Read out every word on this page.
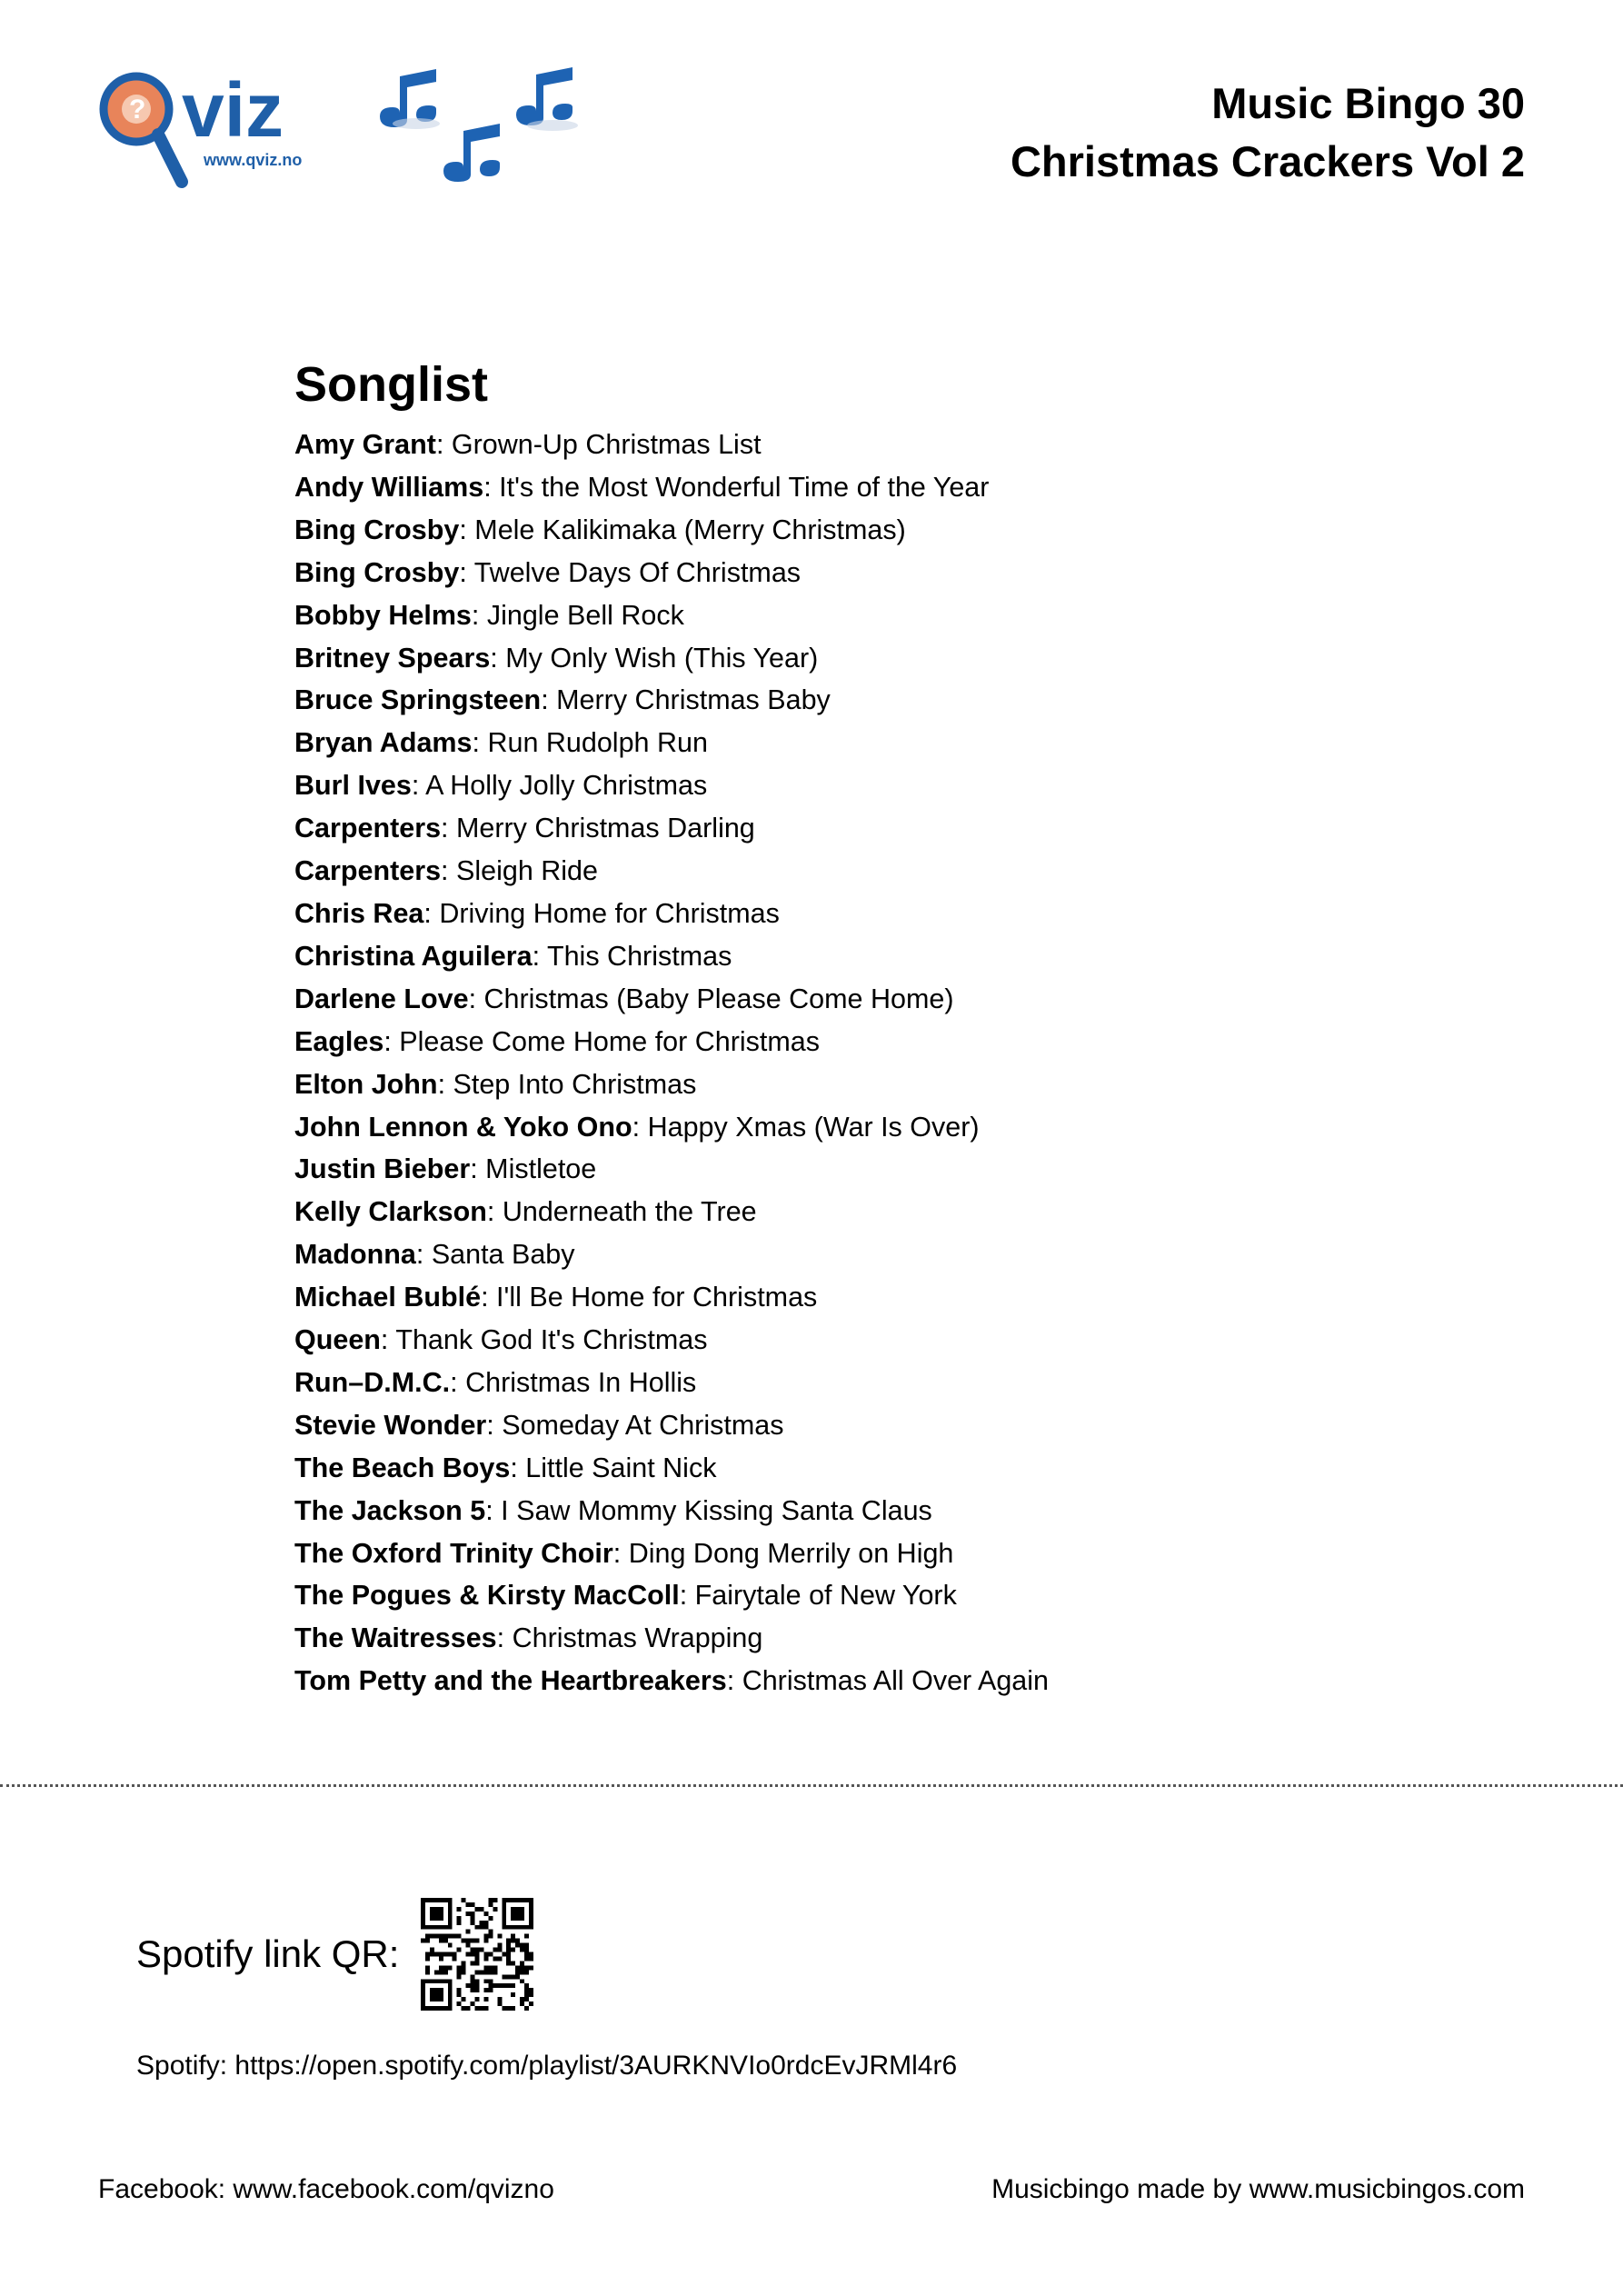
? viz
www.qviz.no
Music Bingo 30
Christmas Crackers Vol 2
Songlist
Amy Grant: Grown-Up Christmas List
Andy Williams: It's the Most Wonderful Time of the Year
Bing Crosby: Mele Kalikimaka (Merry Christmas)
Bing Crosby: Twelve Days Of Christmas
Bobby Helms: Jingle Bell Rock
Britney Spears: My Only Wish (This Year)
Bruce Springsteen: Merry Christmas Baby
Bryan Adams: Run Rudolph Run
Burl Ives: A Holly Jolly Christmas
Carpenters: Merry Christmas Darling
Carpenters: Sleigh Ride
Chris Rea: Driving Home for Christmas
Christina Aguilera: This Christmas
Darlene Love: Christmas (Baby Please Come Home)
Eagles: Please Come Home for Christmas
Elton John: Step Into Christmas
John Lennon & Yoko Ono: Happy Xmas (War Is Over)
Justin Bieber: Mistletoe
Kelly Clarkson: Underneath the Tree
Madonna: Santa Baby
Michael Bublé: I'll Be Home for Christmas
Queen: Thank God It's Christmas
Run–D.M.C.: Christmas In Hollis
Stevie Wonder: Someday At Christmas
The Beach Boys: Little Saint Nick
The Jackson 5: I Saw Mommy Kissing Santa Claus
The Oxford Trinity Choir: Ding Dong Merrily on High
The Pogues & Kirsty MacColl: Fairytale of New York
The Waitresses: Christmas Wrapping
Tom Petty and the Heartbreakers: Christmas All Over Again
Spotify link QR:
Spotify: https://open.spotify.com/playlist/3AURKNVIo0rdcEvJRMl4r6
Facebook: www.facebook.com/qvizno	Musicbingo made by www.musicbingos.com
